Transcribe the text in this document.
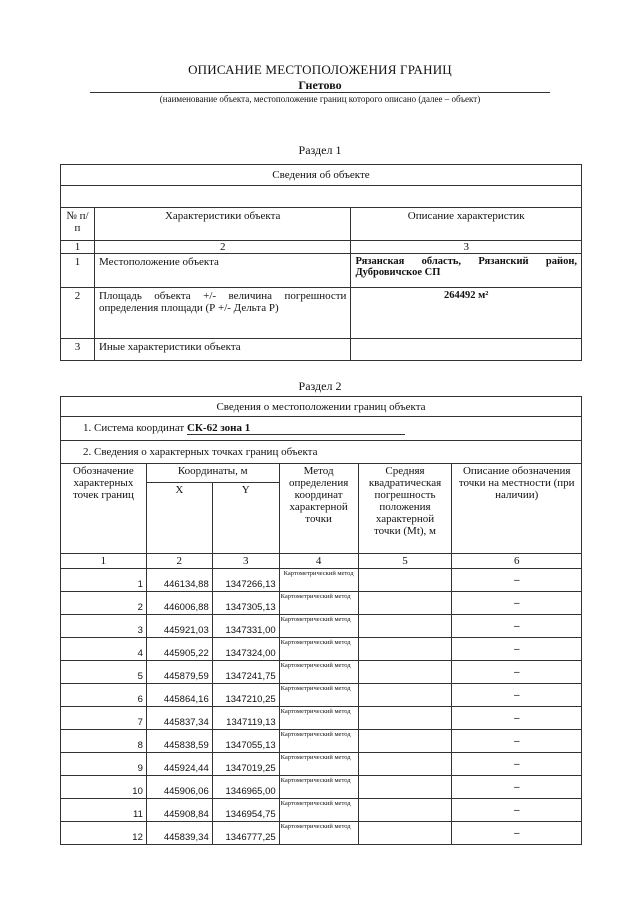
ОПИСАНИЕ МЕСТОПОЛОЖЕНИЯ ГРАНИЦ
Гнетово
(наименование объекта, местоположение границ которого описано (далее – объект)
Раздел 1
Сведения об объекте		

№ п/п	Характеристики объекта	Описание характеристик
1	2	3
1	Местоположение объекта	Рязанская область, Рязанский район, Дубровичское СП
2	Площадь объекта +/- величина погрешности определения площади (Р +/- Дельта Р)	264492 м²
3	Иные характеристики объекта	
Раздел 2
Сведения о местоположении границ объекта					
1. Система координат СК-62 зона 1					
2. Сведения о характерных точках границ объекта					
Обозначение характерных точек границ	Координаты, м		Метод определения координат характерной точки	Средняя квадратическая погрешность положения характерной точки (Mt), м	Описание обозначения точки на местности (при наличии)
	X	Y			
1	2	3	4	5	6
1	446134,88	1347266,13	Картометрический метод		–
2	446006,88	1347305,13	Картометрический метод		–
3	445921,03	1347331,00	Картометрический метод		–
4	445905,22	1347324,00	Картометрический метод		–
5	445879,59	1347241,75	Картометрический метод		–
6	445864,16	1347210,25	Картометрический метод		–
7	445837,34	1347119,13	Картометрический метод		–
8	445838,59	1347055,13	Картометрический метод		–
9	445924,44	1347019,25	Картометрический метод		–
10	445906,06	1346965,00	Картометрический метод		–
11	445908,84	1346954,75	Картометрический метод		–
12	445839,34	1346777,25	Картометрический метод		–
